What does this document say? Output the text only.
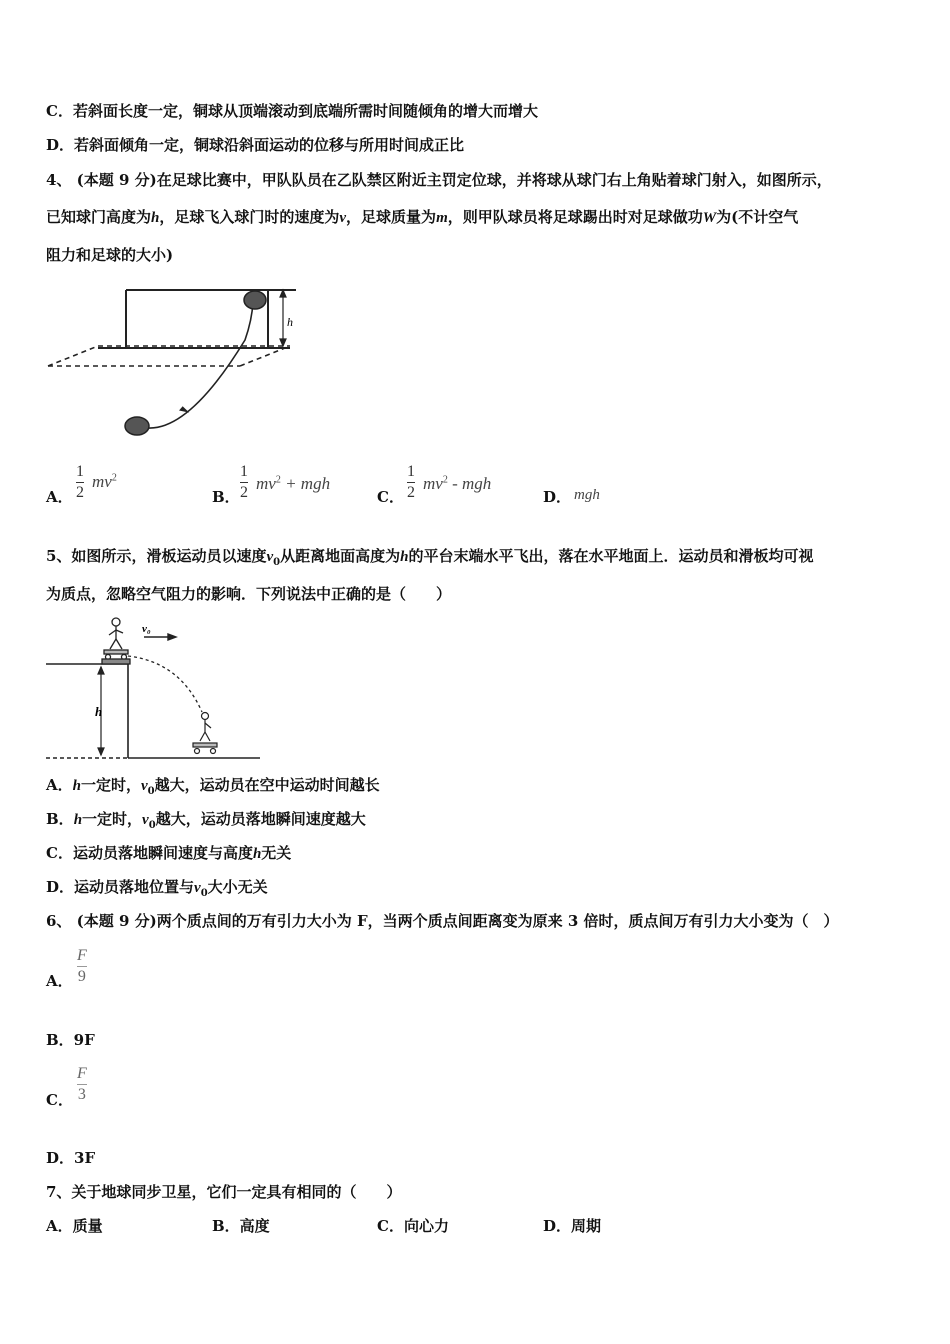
C．若斜面长度一定，铜球从顶端滚动到底端所需时间随倾角的增大而增大
D．若斜面倾角一定，铜球沿斜面运动的位移与所用时间成正比
4、 (本题 9 分)在足球比赛中，甲队队员在乙队禁区附近主罚定位球，并将球从球门右上角贴着球门射入，如图所示，
已知球门高度为h，足球飞入球门时的速度为v，足球质量为m，则甲队球员将足球踢出时对足球做功W为(不计空气
阻力和足球的大小)
h
A．
1
2
$mv^2$
B．
1
2 $mv^2$ + mgh
C．
1
2 $mv^2$ - mgh
D． mgh
5、如图所示，滑板运动员以速度$v_0$从距离地面高度为h的平台末端水平飞出，落在水平地面上．运动员和滑板均可视
为质点，忽略空气阻力的影响．下列说法中正确的是（　　）
h
v₀
A．h一定时，$v_0$越大，运动员在空中运动时间越长
B．h一定时，$v_0$越大，运动员落地瞬间速度越大
C．运动员落地瞬间速度与高度h无关
D．运动员落地位置与$v_0$大小无关
6、 (本题 9 分)两个质点间的万有引力大小为 F，当两个质点间距离变为原来 3 倍时，质点间万有引力大小变为（　）
A．
F
9
B．9F
C．
F
3
D．3F
7、关于地球同步卫星，它们一定具有相同的（　　）
A．质量	B．高度	C．向心力	D．周期
